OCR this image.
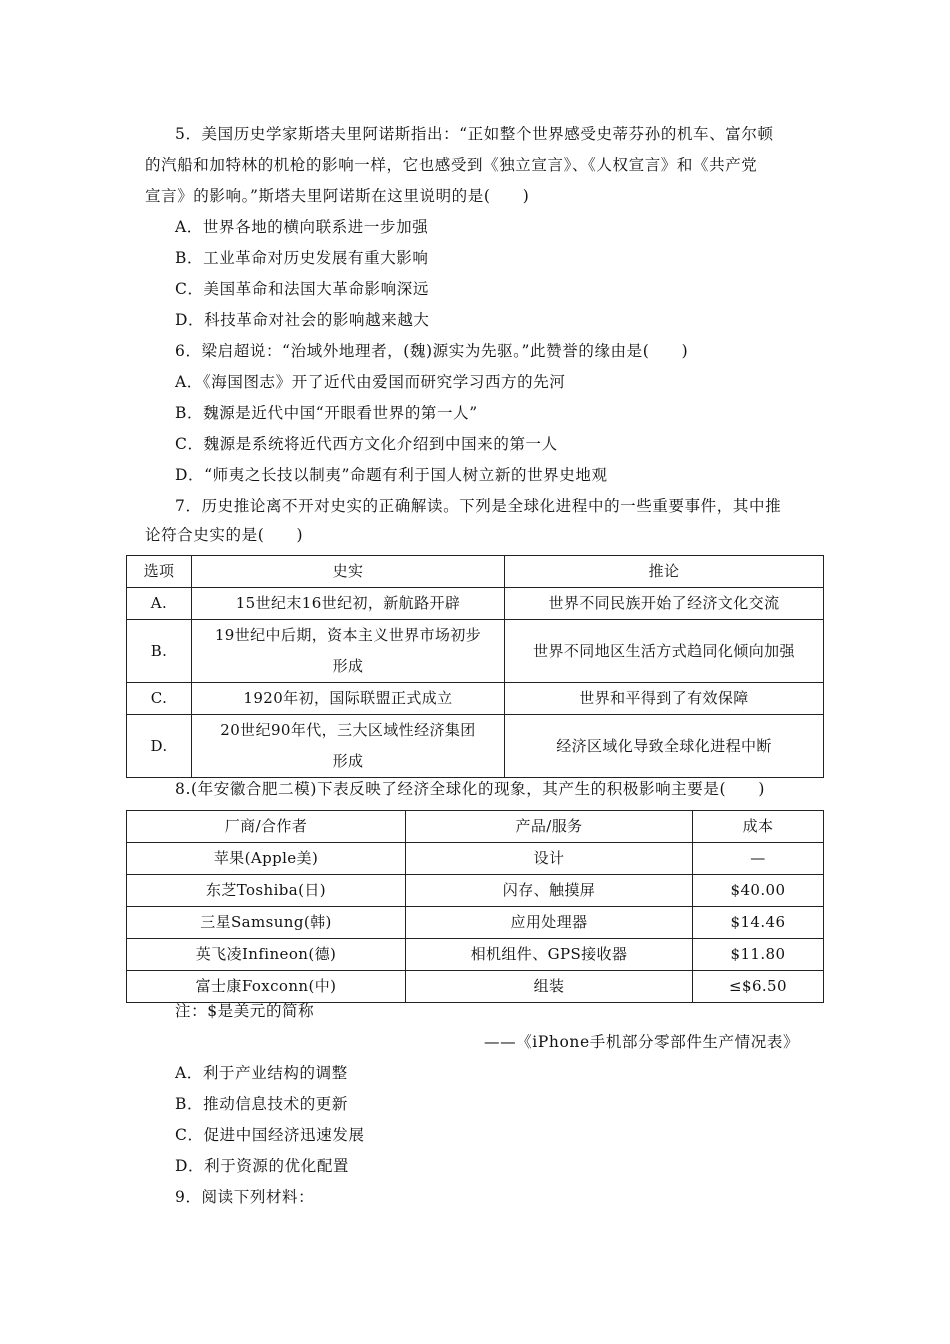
5．美国历史学家斯塔夫里阿诺斯指出：“正如整个世界感受史蒂芬孙的机车、富尔顿
的汽船和加特林的机枪的影响一样，它也感受到《独立宣言》、《人权宣言》和《共产党
宣言》的影响。”斯塔夫里阿诺斯在这里说明的是(　　)
A．世界各地的横向联系进一步加强
B．工业革命对历史发展有重大影响
C．美国革命和法国大革命影响深远
D．科技革命对社会的影响越来越大
6．梁启超说：“治域外地理者，(魏)源实为先驱。”此赞誉的缘由是(　　)
A．《海国图志》开了近代由爱国而研究学习西方的先河
B．魏源是近代中国“开眼看世界的第一人”
C．魏源是系统将近代西方文化介绍到中国来的第一人
D．“师夷之长技以制夷”命题有利于国人树立新的世界史地观
7．历史推论离不开对史实的正确解读。下列是全球化进程中的一些重要事件，其中推
论符合史实的是(　　)
选项	史实	推论
A.	15世纪末16世纪初，新航路开辟	世界不同民族开始了经济文化交流
B.	19世纪中后期，资本主义世界市场初步
形成	世界不同地区生活方式趋同化倾向加强
C.	1920年初，国际联盟正式成立	世界和平得到了有效保障
D.	20世纪90年代，三大区域性经济集团
形成	经济区域化导致全球化进程中断
8.(年安徽合肥二模)下表反映了经济全球化的现象，其产生的积极影响主要是(　　)
厂商/合作者	产品/服务	成本
苹果(Apple美)	设计	—
东芝Toshiba(日)	闪存、触摸屏	$40.00
三星Samsung(韩)	应用处理器	$14.46
英飞凌Infineon(德)	相机组件、GPS接收器	$11.80
富士康Foxconn(中)	组装	≤$6.50
注：$是美元的简称
——《iPhone手机部分零部件生产情况表》
A．利于产业结构的调整
B．推动信息技术的更新
C．促进中国经济迅速发展
D．利于资源的优化配置
9．阅读下列材料：
